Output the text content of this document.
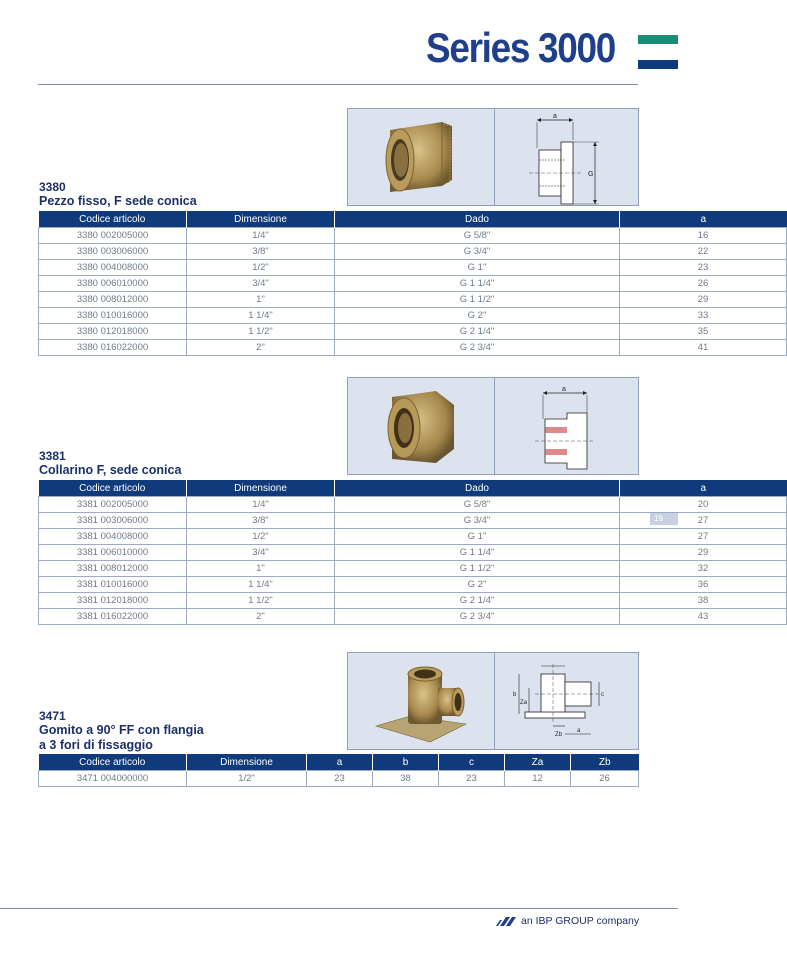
Series 3000
a
G
3380
Pezzo fisso, F sede conica
Codice articolo	Dimensione	Dado	a
3380 002005000	1/4"	G 5/8"	16
3380 003006000	3/8"	G 3/4"	22
3380 004008000	1/2"	G 1"	23
3380 006010000	3/4"	G 1 1/4"	26
3380 008012000	1"	G 1 1/2"	29
3380 010016000	1 1/4"	G 2"	33
3380 012018000	1 1/2"	G 2 1/4"	35
3380 016022000	2"	G 2 3/4"	41
a
3381
Collarino F, sede conica
Codice articolo	Dimensione	Dado	a
3381 002005000	1/4"	G 5/8"	20
3381 003006000	3/8"	G 3/4"	27
3381 004008000	1/2"	G 1"	27
3381 006010000	3/4"	G 1 1/4"	29
3381 008012000	1"	G 1 1/2"	32
3381 010016000	1 1/4"	G 2"	36
3381 012018000	1 1/2"	G 2 1/4"	38
3381 016022000	2"	G 2 3/4"	43
19
b
Za
c
a
Zb
3471
Gomito a 90° FF con flangia
a 3 fori di fissaggio
Codice articolo	Dimensione	a	b	c	Za	Zb
3471 004000000	1/2"	23	38	23	12	26
an IBP GROUP company
